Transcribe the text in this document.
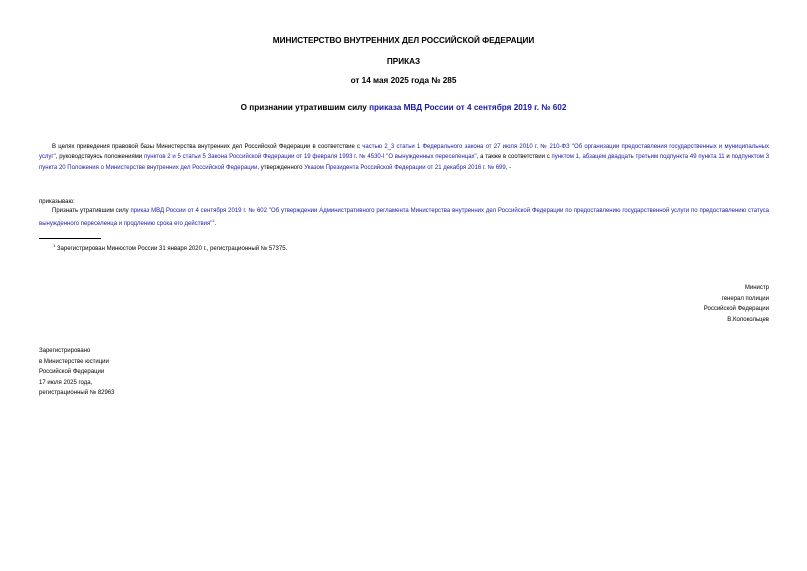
МИНИСТЕРСТВО ВНУТРЕННИХ ДЕЛ РОССИЙСКОЙ ФЕДЕРАЦИИ
ПРИКАЗ
от 14 мая 2025 года № 285
О признании утратившим силу приказа МВД России от 4 сентября 2019 г. № 602
В целях приведения правовой базы Министерства внутренних дел Российской Федерации в соответствие с частью 2_3 статьи 1 Федерального закона от 27 июля 2010 г. № 210-ФЗ "Об организации предоставления государственных и муниципальных услуг", руководствуясь положениями пунктов 2 и 5 статьи 5 Закона Российской Федерации от 19 февраля 1993 г. № 4530-I "О вынужденных переселенцах", а также в соответствии с пунктом 1, абзацем двадцать третьим подпункта 49 пункта 11 и подпунктом 3 пункта 20 Положения о Министерстве внутренних дел Российской Федерации, утвержденного Указом Президента Российской Федерации от 21 декабря 2016 г. № 699, -
приказываю:
Признать утратившим силу приказ МВД России от 4 сентября 2019 г. № 602 "Об утверждении Административного регламента Министерства внутренних дел Российской Федерации по предоставлению государственной услуги по предоставлению статуса вынужденного переселенца и продлению срока его действия"$^1$.
$^1$ Зарегистрирован Минюстом России 31 января 2020 г., регистрационный № 57375.
Министр
генерал полиции
Российской Федерации
В.Колокольцев
Зарегистрировано
в Министерстве юстиции
Российской Федерации
17 июля 2025 года,
регистрационный № 82963
